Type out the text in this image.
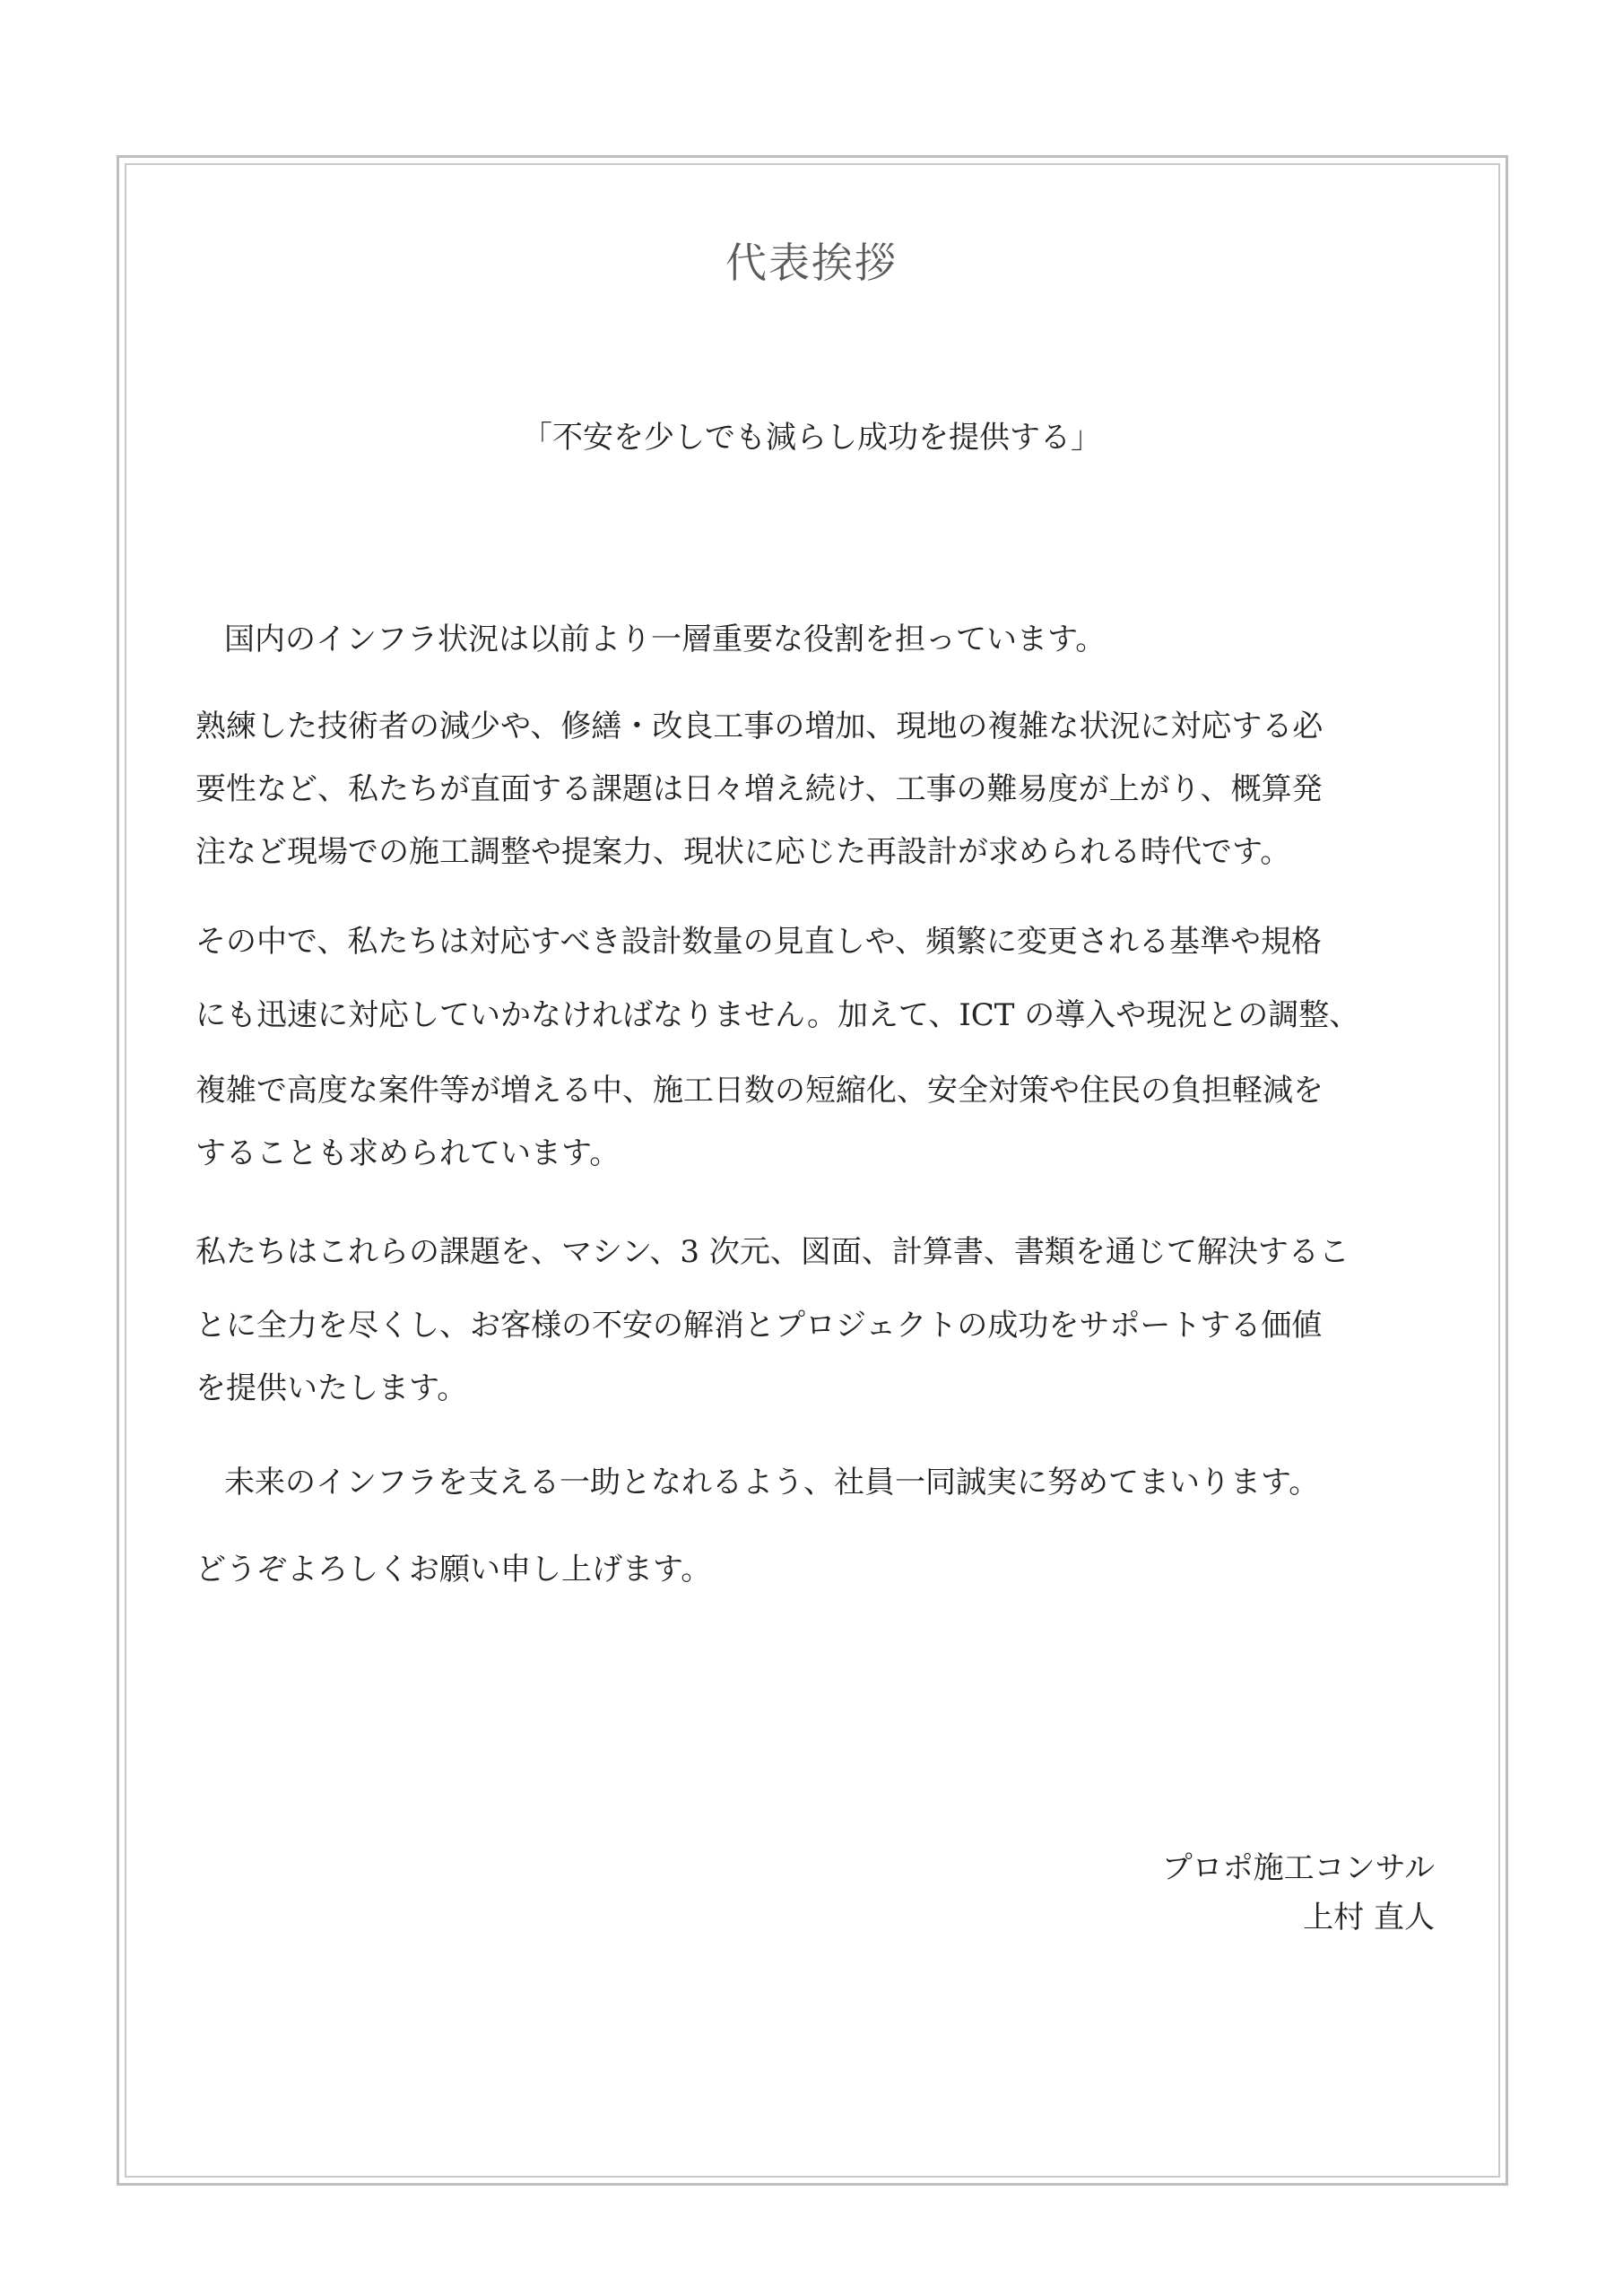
代表挨拶
「不安を少しでも減らし成功を提供する」
国内のインフラ状況は以前より一層重要な役割を担っています。
熟練した技術者の減少や、修繕・改良工事の増加、現地の複雑な状況に対応する必
要性など、私たちが直面する課題は日々増え続け、工事の難易度が上がり、概算発
注など現場での施工調整や提案力、現状に応じた再設計が求められる時代です。
その中で、私たちは対応すべき設計数量の見直しや、頻繁に変更される基準や規格
にも迅速に対応していかなければなりません。加えて、ICT の導入や現況との調整、
複雑で高度な案件等が増える中、施工日数の短縮化、安全対策や住民の負担軽減を
することも求められています。
私たちはこれらの課題を、マシン、3 次元、図面、計算書、書類を通じて解決するこ
とに全力を尽くし、お客様の不安の解消とプロジェクトの成功をサポートする価値
を提供いたします。
未来のインフラを支える一助となれるよう、社員一同誠実に努めてまいります。
どうぞよろしくお願い申し上げます。
プロポ施工コンサル
上村 直人
